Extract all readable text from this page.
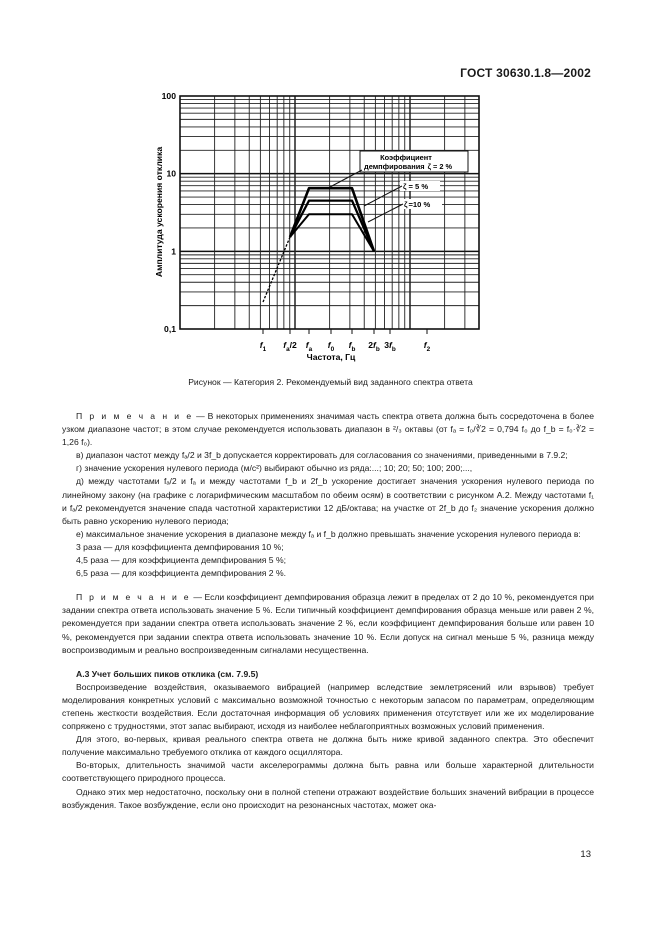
ГОСТ 30630.1.8—2002
0,1
1
10
100
$f_1$ $f_a/2$ $f_a$ $f_0$ $f_b$ $2f_b$ $3f_b$	$f_2$
Амплитуда ускорения отклика
Частота, Гц
Коэффициент
демпфирования ζ = 2 %
ζ = 5 %
ζ=10 %
Рисунок — Категория 2. Рекомендуемый вид заданного спектра ответа

П р и м е ч а н и е — В некоторых применениях значимая часть спектра ответа должна быть сосредоточена в более узком диапазоне частот; в этом случае рекомендуется использовать диапазон в ²/₃ октавы (от fₐ = f₀/∛2 = 0,794 f₀ до f_b = f₀·∛2 = 1,26 f₀).

в) диапазон частот между fₐ/2 и 3f_b допускается корректировать для согласования со значениями, приведенными в 7.9.2;

г) значение ускорения нулевого периода (м/с²) выбирают обычно из ряда:...; 10; 20; 50; 100; 200;...,

д) между частотами fₐ/2 и fₐ и между частотами f_b и 2f_b ускорение достигает значения ускорения нулевого периода по линейному закону (на графике с логарифмическим масштабом по обеим осям) в соответствии с рисунком А.2. Между частотами f₁ и fₐ/2 рекомендуется значение спада частотной характеристики 12 дБ/октава; на участке от 2f_b до f₂ значение ускорения должно быть равно ускорению нулевого периода;

е) максимальное значение ускорения в диапазоне между fₐ и f_b должно превышать значение ускорения нулевого периода в:

3 раза — для коэффициента демпфирования 10 %;

4,5 раза — для коэффициента демпфирования 5 %;

6,5 раза — для коэффициента демпфирования 2 %.

П р и м е ч а н и е — Если коэффициент демпфирования образца лежит в пределах от 2 до 10 %, рекомендуется при задании спектра ответа использовать значение 5 %. Если типичный коэффициент демпфирования образца меньше или равен 2 %, рекомендуется при задании спектра ответа использовать значение 2 %, если коэффициент демпфирования больше или равен 10 %, рекомендуется при задании спектра ответа использовать значение 10 %. Если допуск на сигнал меньше 5 %, разница между воспроизводимым и реально воспроизведенным сигналами несущественна.

А.3 Учет больших пиков отклика (см. 7.9.5)

Воспроизведение воздействия, оказываемого вибрацией (например вследствие землетрясений или взрывов) требует моделирования конкретных условий с максимально возможной точностью с некоторым запасом по параметрам, определяющим степень жесткости воздействия. Если достаточная информация об условиях применения отсутствует или же их моделирование сопряжено с трудностями, этот запас выбирают, исходя из наиболее неблагоприятных возможных условий применения.

Для этого, во-первых, кривая реального спектра ответа не должна быть ниже кривой заданного спектра. Это обеспечит получение максимально требуемого отклика от каждого осциллятора.

Во-вторых, длительность значимой части акселерограммы должна быть равна или больше характерной длительности соответствующего природного процесса.

Однако этих мер недостаточно, поскольку они в полной степени отражают воздействие больших значений вибрации в процессе возбуждения. Такое возбуждение, если оно происходит на резонансных частотах, может ока-

13
